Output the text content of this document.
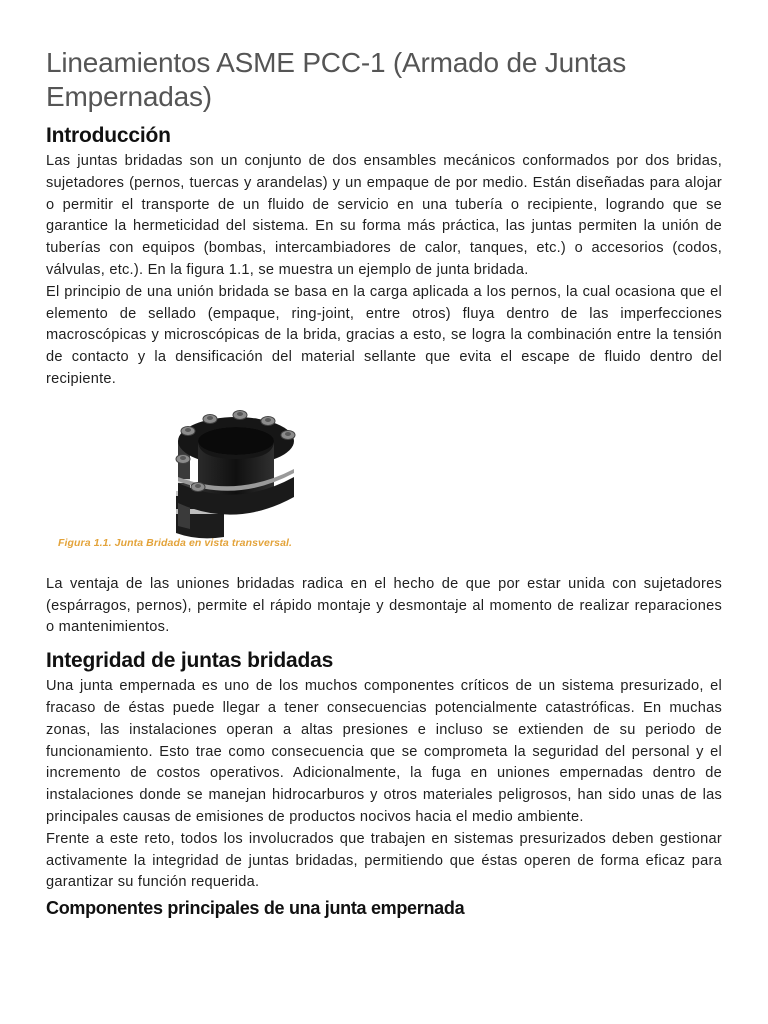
Lineamientos ASME PCC-1 (Armado de Juntas Empernadas)
Introducción

Las juntas bridadas son un conjunto de dos ensambles mecánicos conformados por dos bridas, sujetadores (pernos, tuercas y arandelas) y un empaque de por medio. Están diseñadas para alojar o permitir el transporte de un fluido de servicio en una tubería o recipiente, logrando que se garantice la hermeticidad del sistema. En su forma más práctica, las juntas permiten la unión de tuberías con equipos (bombas, intercambiadores de calor, tanques, etc.) o accesorios (codos, válvulas, etc.). En la figura 1.1, se muestra un ejemplo de junta bridada.

El principio de una unión bridada se basa en la carga aplicada a los pernos, la cual ocasiona que el elemento de sellado (empaque, ring-joint, entre otros) fluya dentro de las imperfecciones macroscópicas y microscópicas de la brida, gracias a esto, se logra la combinación entre la tensión de contacto y la densificación del material sellante que evita el escape de fluido dentro del recipiente.

Figura 1.1. Junta Bridada en vista transversal.

La ventaja de las uniones bridadas radica en el hecho de que por estar unida con sujetadores (espárragos, pernos), permite el rápido montaje y desmontaje al momento de realizar reparaciones o mantenimientos.

Integridad de juntas bridadas

Una junta empernada es uno de los muchos componentes críticos de un sistema presurizado, el fracaso de éstas puede llegar a tener consecuencias potencialmente catastróficas. En muchas zonas, las instalaciones operan a altas presiones e incluso se extienden de su periodo de funcionamiento. Esto trae como consecuencia que se comprometa la seguridad del personal y el incremento de costos operativos. Adicionalmente, la fuga en uniones empernadas dentro de instalaciones donde se manejan hidrocarburos y otros materiales peligrosos, han sido unas de las principales causas de emisiones de productos nocivos hacia el medio ambiente.

Frente a este reto, todos los involucrados que trabajen en sistemas presurizados deben gestionar activamente la integridad de juntas bridadas, permitiendo que éstas operen de forma eficaz para garantizar su función requerida.

Componentes principales de una junta empernada
